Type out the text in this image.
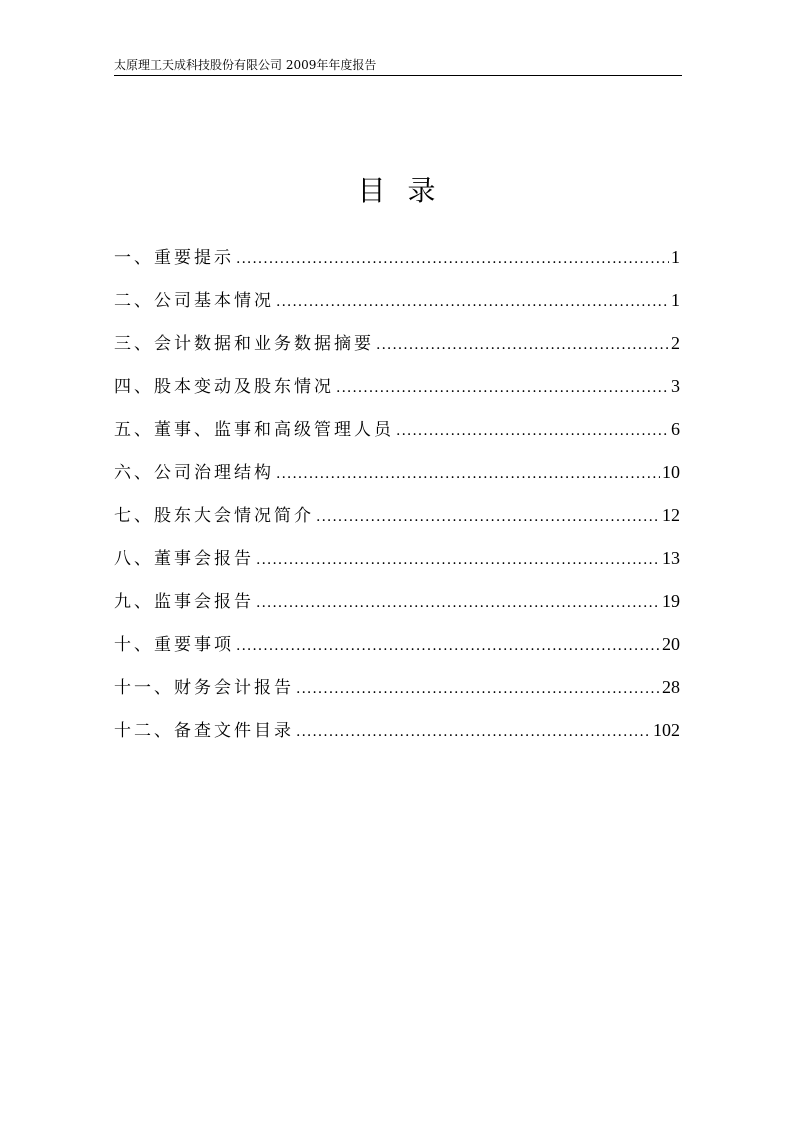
太原理工天成科技股份有限公司 2009年年度报告
目录
一、重要提示 .....	1
二、公司基本情况 .....	1
三、会计数据和业务数据摘要 .....	2
四、股本变动及股东情况 .....	3
五、董事、监事和高级管理人员 .....	6
六、公司治理结构 .....	10
七、股东大会情况简介 .....	12
八、董事会报告 .....	13
九、监事会报告 .....	19
十、重要事项 .....	20
十一、财务会计报告 .....	28
十二、备查文件目录 .....	102
